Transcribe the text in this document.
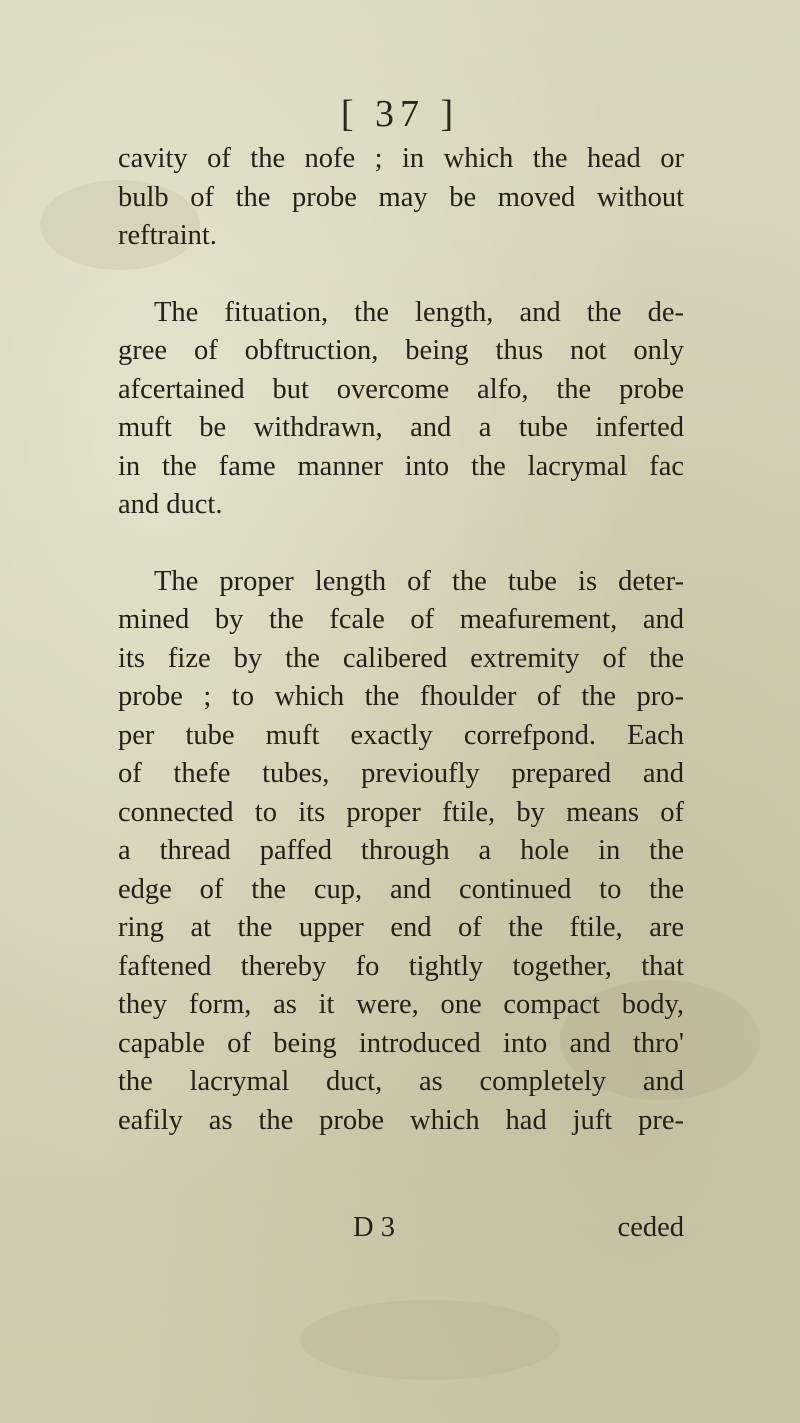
[ 37 ]
cavity of the nofe ; in which the head or
bulb of the probe may be moved without
reftraint.
The fituation, the length, and the de-
gree of obftruction, being thus not only
afcertained but overcome alfo, the probe
muft be withdrawn, and a tube inferted
in the fame manner into the lacrymal fac
and duct.
The proper length of the tube is deter-
mined by the fcale of meafurement, and
its fize by the calibered extremity of the
probe ; to which the fhoulder of the pro-
per tube muft exactly correfpond. Each
of thefe tubes, previoufly prepared and
connected to its proper ftile, by means of
a thread paffed through a hole in the
edge of the cup, and continued to the
ring at the upper end of the ftile, are
faftened thereby fo tightly together, that
they form, as it were, one compact body,
capable of being introduced into and thro'
the lacrymal duct, as completely and
eafily as the probe which had juft pre-
D 3	ceded
